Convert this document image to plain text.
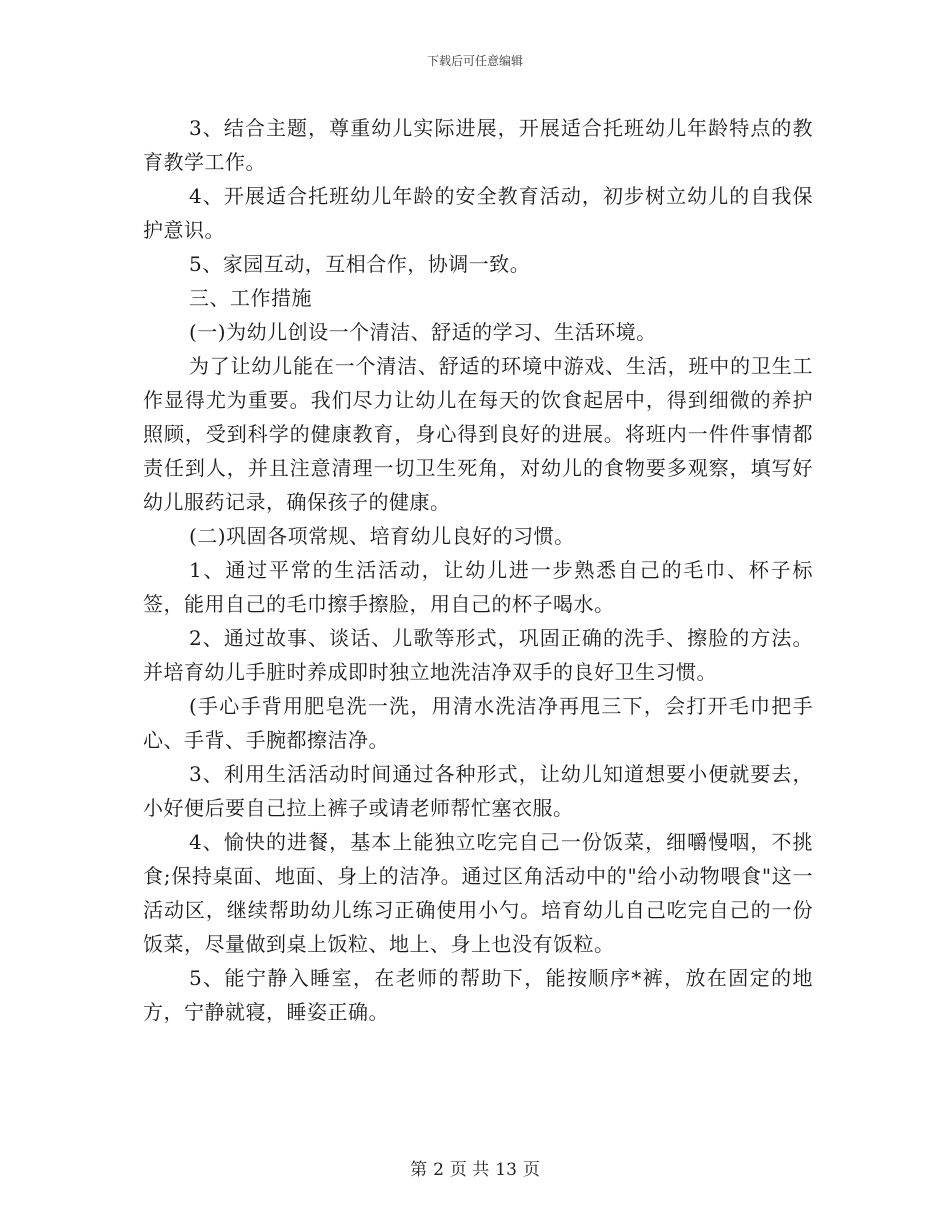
下载后可任意编辑

3、结合主题，尊重幼儿实际进展，开展适合托班幼儿年龄特点的教育教学工作。

4、开展适合托班幼儿年龄的安全教育活动，初步树立幼儿的自我保护意识。

5、家园互动，互相合作，协调一致。

三、工作措施

(一)为幼儿创设一个清洁、舒适的学习、生活环境。

为了让幼儿能在一个清洁、舒适的环境中游戏、生活，班中的卫生工作显得尤为重要。我们尽力让幼儿在每天的饮食起居中，得到细微的养护照顾，受到科学的健康教育，身心得到良好的进展。将班内一件件事情都责任到人，并且注意清理一切卫生死角，对幼儿的食物要多观察，填写好幼儿服药记录，确保孩子的健康。

(二)巩固各项常规、培育幼儿良好的习惯。

1、通过平常的生活活动，让幼儿进一步熟悉自己的毛巾、杯子标签，能用自己的毛巾擦手擦脸，用自己的杯子喝水。

2、通过故事、谈话、儿歌等形式，巩固正确的洗手、擦脸的方法。并培育幼儿手脏时养成即时独立地洗洁净双手的良好卫生习惯。

(手心手背用肥皂洗一洗，用清水洗洁净再甩三下，会打开毛巾把手心、手背、手腕都擦洁净。

3、利用生活活动时间通过各种形式，让幼儿知道想要小便就要去，小好便后要自己拉上裤子或请老师帮忙塞衣服。

4、愉快的进餐，基本上能独立吃完自己一份饭菜，细嚼慢咽，不挑食;保持桌面、地面、身上的洁净。通过区角活动中的"给小动物喂食"这一活动区，继续帮助幼儿练习正确使用小勺。培育幼儿自己吃完自己的一份饭菜，尽量做到桌上饭粒、地上、身上也没有饭粒。

5、能宁静入睡室，在老师的帮助下，能按顺序*裤，放在固定的地方，宁静就寝，睡姿正确。

第 2 页 共 13 页
